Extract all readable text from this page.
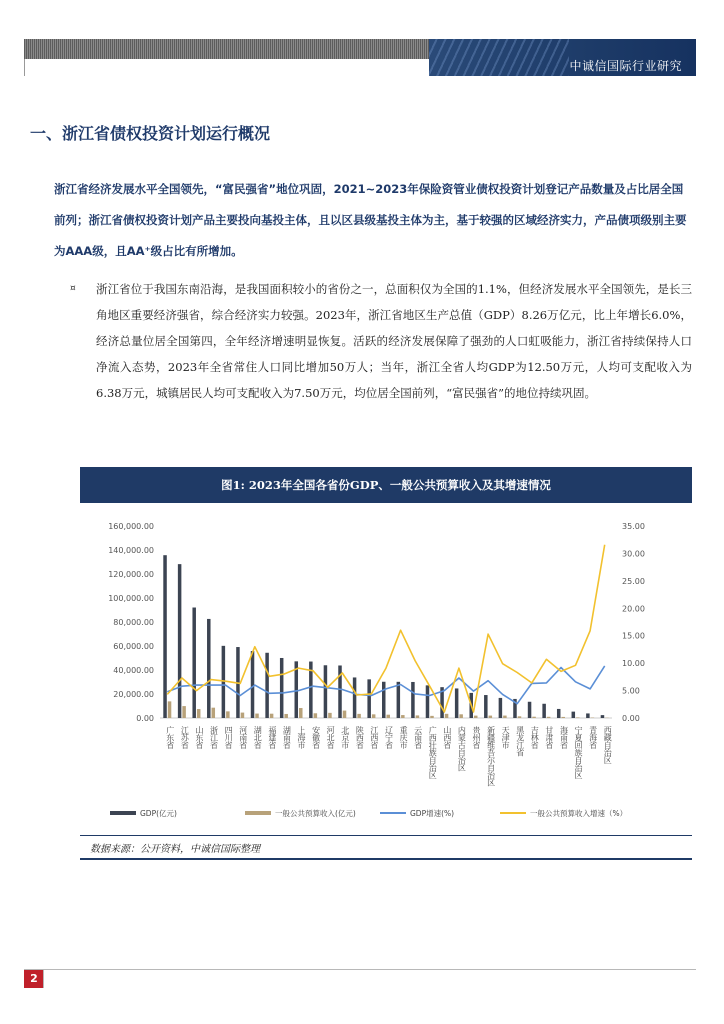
中诚信国际行业研究
一、浙江省债权投资计划运行概况
浙江省经济发展水平全国领先，“富民强省”地位巩固，2021~2023年保险资管业债权投资计划登记产品数量及占比居全国前列；浙江省债权投资计划产品主要投向基投主体，且以区县级基投主体为主，基于较强的区域经济实力，产品债项级别主要为AAA级，且AA⁺级占比有所增加。
¤ 浙江省位于我国东南沿海，是我国面积较小的省份之一，总面积仅为全国的1.1%，但经济发展水平全国领先，是长三角地区重要经济强省，综合经济实力较强。2023年，浙江省地区生产总值（GDP）8.26万亿元，比上年增长6.0%，经济总量位居全国第四，全年经济增速明显恢复。活跃的经济发展保障了强劲的人口虹吸能力，浙江省持续保持人口净流入态势，2023年全省常住人口同比增加50万人；当年，浙江全省人均GDP为12.50万元，人均可支配收入为6.38万元，城镇居民人均可支配收入为7.50万元，均位居全国前列，“富民强省”的地位持续巩固。
图1: 2023年全国各省份GDP、一般公共预算收入及其增速情况
0.00
20,000.00
40,000.00
60,000.00
80,000.00
100,000.00
120,000.00
140,000.00
160,000.00
0.00
5.00
10.00
15.00
20.00
25.00
30.00
35.00
广东省 江苏省 山东省 浙江省 四川省 河南省 湖北省 福建省 湖南省 上海市 安徽省 河北省 北京市 陕西省 江西省 辽宁省 重庆市 云南省 广西壮族自治区 山西省 内蒙古自治区 贵州省 新疆维吾尔自治区 天津市 黑龙江省 吉林省 甘肃省 海南省 宁夏回族自治区 青海省 西藏自治区
GDP(亿元)	一般公共预算收入(亿元)	GDP增速(%)	一般公共预算收入增速（%）
数据来源：公开资料，中诚信国际整理
2
